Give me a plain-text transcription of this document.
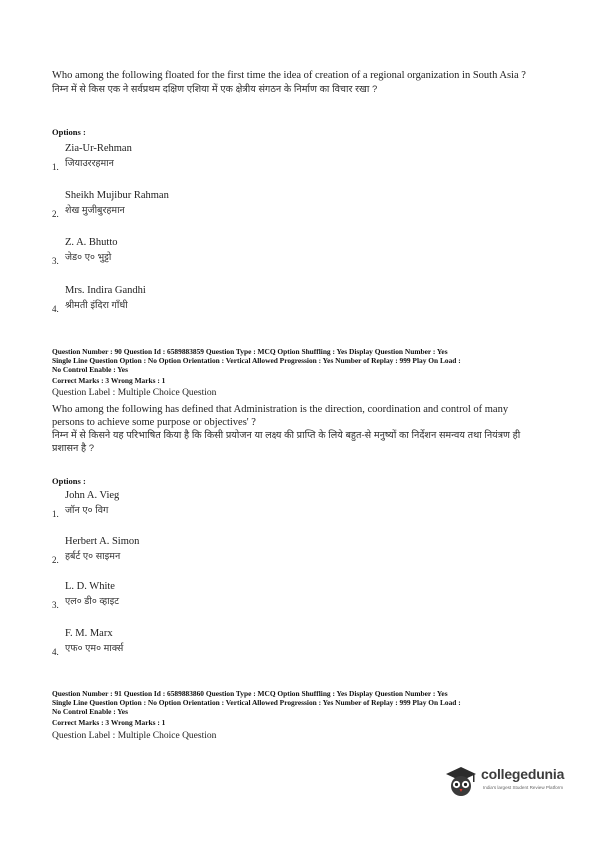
Who among the following floated for the first time the idea of creation of a regional organization in South Asia ?

निम्न में से किस एक ने सर्वप्रथम दक्षिण एशिया में एक क्षेत्रीय संगठन के निर्माण का विचार रखा ?

Options :

Zia-Ur-Rehman
जियाउररहमान
1.
Sheikh Mujibur Rahman
शेख मुजीबुरहमान
2.
Z. A. Bhutto
जेड० ए० भुट्टो
3.
Mrs. Indira Gandhi
श्रीमती इंदिरा गाँधी
4.

Question Number : 90 Question Id : 6589883859 Question Type : MCQ Option Shuffling : Yes Display Question Number : Yes

Single Line Question Option : No Option Orientation : Vertical Allowed Progression : Yes Number of Replay : 999 Play On Load :

No Control Enable : Yes

Correct Marks : 3 Wrong Marks : 1

Question Label : Multiple Choice Question

Who among the following has defined that Administration is the direction, coordination and control of many persons to achieve some purpose or objectives' ?

निम्न में से किसने यह परिभाषित किया है कि किसी प्रयोजन या लक्ष्य की प्राप्ति के लिये बहुत-से मनुष्यों का निर्देशन समन्वय तथा नियंत्रण ही प्रशासन है ?

Options :

John A. Vieg
जॉन ए० विग
1.
Herbert A. Simon
हर्बर्ट ए० साइमन
2.
L. D. White
एल० डी० व्हाइट
3.
F. M. Marx
एफ० एम० मार्क्स
4.

Question Number : 91 Question Id : 6589883860 Question Type : MCQ Option Shuffling : Yes Display Question Number : Yes

Single Line Question Option : No Option Orientation : Vertical Allowed Progression : Yes Number of Replay : 999 Play On Load :

No Control Enable : Yes

Correct Marks : 3 Wrong Marks : 1

Question Label : Multiple Choice Question

collegedunia
India's largest Student Review Platform
